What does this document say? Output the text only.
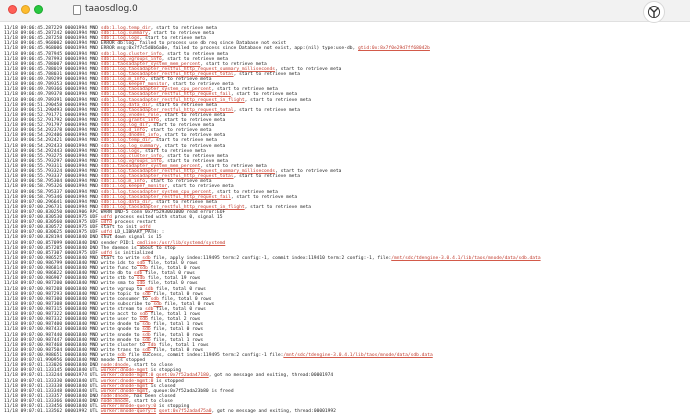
taaosdlog.0
11/18 09:06:45.287229 00001994 MND sdb:1.log.temp_dir, start to retrieve meta
11/18 09:06:45.287242 00001994 MND sdb:1.log.summary, start to retrieve meta
11/18 09:06:45.287258 00001994 MND sdb:1.log.logs, start to retrieve meta
11/18 09:06:45.968002 00001994 MND ERROR db:log, failed to process use db req since Database not exist
11/18 09:06:45.968006 00001994 MND ERROR msg:0x7f7c5d0b6a0e, failed to process since Database not exist, app:(nil) type:use-db, gtid:0x:8x7f0e29d7ff68042b
11/18 09:06:45.787945 00001994 MND sdb:1.log.cluster_info, start to retrieve meta
11/18 09:06:45.787993 00001994 MND sdb:1.log.vgroups_info, start to retrieve meta
11/18 09:06:45.788007 00001994 MND sdb:1.taosadapter_system_mem_percent, start to retrieve meta
11/18 09:06:45.788019 00001994 MND sdb:1.log.taosadapter_restful_http_request_summary_milliseconds, start to retrieve meta
11/18 09:06:45.788031 00001994 MND sdb:1.log.taosadapter_restful_http_request_total, start to retrieve meta
11/18 09:06:49.789299 00001994 MND sdb:1.log.m_info, start to retrieve meta
11/18 09:06:49.789353 00001994 MND sdb:1.log.keeper_monitor, start to retrieve meta
11/18 09:06:49.789366 00001994 MND sdb:1.log.taosadapter_system_cpu_percent, start to retrieve meta
11/18 09:06:49.789378 00001994 MND sdb:1.log.taosadapter_restful_http_request_fail, start to retrieve meta
11/18 09:06:49.789391 00001994 MND sdb:1.log.taosadapter_restful_http_request_in_flight, start to retrieve meta
11/18 09:06:51.290458 00001994 MND sdb:1.log.data_dir, start to retrieve meta
11/18 09:06:51.290493 00001994 MND sdb:1.log.taosadapter_restful_http_request_total, start to retrieve meta
11/18 09:06:52.791771 00001994 MND sdb:1.log.vnodes_role, start to retrieve meta
11/18 09:06:52.791792 00001994 MND sdb:1.log.grants_info, start to retrieve meta
11/18 09:06:52.791797 00001994 MND sdb:1.log.log_dir, start to retrieve meta
11/18 09:06:54.292378 00001994 MND sdb:1.log.d_info, start to retrieve meta
11/18 09:06:54.292406 00001994 MND sdb:1.log.dnodes_info, start to retrieve meta
11/18 09:06:54.292421 00001994 MND sdb:1.log.temp_dir, start to retrieve meta
11/18 09:06:54.292433 00001994 MND sdb:1.log.log_summary, start to retrieve meta
11/18 09:06:54.292443 00001994 MND sdb:1.log.logs, start to retrieve meta
11/18 09:06:55.793275 00001994 MND sdb:1.log.cluster_info, start to retrieve meta
11/18 09:06:55.793297 00001994 MND sdb:1.log.vgroups_info, start to retrieve meta
11/18 09:06:55.793311 00001994 MND sdb:1.taosadapter_system_mem_percent, start to retrieve meta
11/18 09:06:55.793324 00001994 MND sdb:1.log.taosadapter_restful_http_request_summary_milliseconds, start to retrieve meta
11/18 09:06:55.793337 00001994 MND sdb:1.log.taosadapter_restful_http_request_total, start to retrieve meta
11/18 09:06:58.795304 00001994 MND sdb:1.log.m_info, start to retrieve meta
11/18 09:06:58.795326 00001994 MND sdb:1.log.keeper_monitor, start to retrieve meta
11/18 09:06:58.795337 00001994 MND sdb:1.log.taosadapter_system_cpu_percent, start to retrieve meta
11/18 09:06:58.795346 00001994 MND sdb:1.log.taosadapter_restful_http_request_fail, start to retrieve meta
11/18 09:07:00.296641 00001994 MND sdb:1.log.data_dir, start to retrieve meta
11/18 09:07:00.296731 00001994 MND sdb:1.log.taosadapter_restful_http_request_in_flight, start to retrieve meta
11/18 09:07:00.830250 00001906 RPC WARN UND-5 conn 0x7f5293001000 read error:EOF
11/18 09:07:00.830530 00001975 UDF udfd process exited with status 0, signal 15
11/18 09:07:00.830560 00001975 UDF udfd process restart
11/18 09:07:00.830572 00001975 UDF start to init udfd
11/18 09:07:00.830625 00001975 UDF udfd LD_LIBRARY_PATH: :
11/18 09:07:00.828194 00001840 DND shut down signal is 15
11/18 09:07:00.857099 00001840 DND sender PID:1 cmdline:/usr/lib/systemd/systemd
11/18 09:07:00.857205 00001840 DND The daemon is about to stop
11/18 09:07:00.857307 00001975 UDF udfd is initialized
11/18 09:07:00.986525 00001840 MND start to write sdb file, apply index:119495 term:2 config:-1, commit index:119410 term:2 config:-1, file:/mnt/sdc/tdengine-3.0.4.1/lib/taos/mnode/data/sdb.data
11/18 09:07:00.986799 00001840 MND write ids to sdb file, total 0 rows
11/18 09:07:00.986814 00001840 MND write func to sdb file, total 0 rows
11/18 09:07:00.986822 00001840 MND write db to sdb file, total 0 rows
11/18 09:07:00.986907 00001840 MND write stb to sdb file, total 19 rows
11/18 09:07:00.987200 00001840 MND write sma to sdb file, total 0 rows
11/18 09:07:00.987208 00001840 MND write vgroup to sdb file, total 0 rows
11/18 09:07:00.987293 00001840 MND write topic to sdb file, total 0 rows
11/18 09:07:00.987300 00001840 MND write consumer to sdb file, total 0 rows
11/18 09:07:00.987308 00001840 MND write subscribe to sdb file, total 0 rows
11/18 09:07:00.987315 00001840 MND write stream to sdb file, total 0 rows
11/18 09:07:00.987322 00001840 MND write acct to sdb file, total 1 rows
11/18 09:07:00.987332 00001840 MND write user to sdb file, total 2 rows
11/18 09:07:00.987400 00001840 MND write dnode to sdb file, total 1 rows
11/18 09:07:00.987433 00001840 MND write qnode to sdb file, total 0 rows
11/18 09:07:00.987440 00001840 MND write snode to sdb file, total 0 rows
11/18 09:07:00.987447 00001840 MND write mnode to sdb file, total 1 rows
11/18 09:07:00.987468 00001840 MND write cluster to sdb file, total 1 rows
11/18 09:07:00.987504 00001840 MND write trans to sdb file, total 0 rows
11/18 09:07:00.988651 00001840 MND write sdb file success, commit index:119495 term:2 config:-1 file:/mnt/sdc/tdengine-3.0.4.1/lib/taos/mnode/data/sdb.data
11/18 09:07:01.990956 00001840 MND mnode is stopped
11/18 09:07:01.133026 00001840 DND node:dnode, start to close
11/18 09:07:01.133145 00001840 UTL worker:dnode-mgmt is stopping
11/18 09:07:01.133244 00001974 UTL worker:dnode-mgmt:0 qset:0x7f52ada47180, got no message and exiting, thread:00001974
11/18 09:07:01.133330 00001840 UTL worker:dnode-mgmt:0 is stopped
11/18 09:07:01.133338 00001840 UTL worker:dnode-mgmt is closed
11/18 09:07:01.133348 00001840 UTL worker:dnode-mgmt, queue:0x7f52ada23b80 is freed
11/18 09:07:01.133357 00001840 DND node:dnode, has been closed
11/18 09:07:01.133366 00001840 DND node:mnode, start to close
11/18 09:07:01.133456 00001840 UTL worker:mnode-query:0 is stopping
11/18 09:07:01.133562 00001992 UTL worker:mnode-query:1 qset:0x7f52ada475a0, got no message and exiting, thread:00001992
